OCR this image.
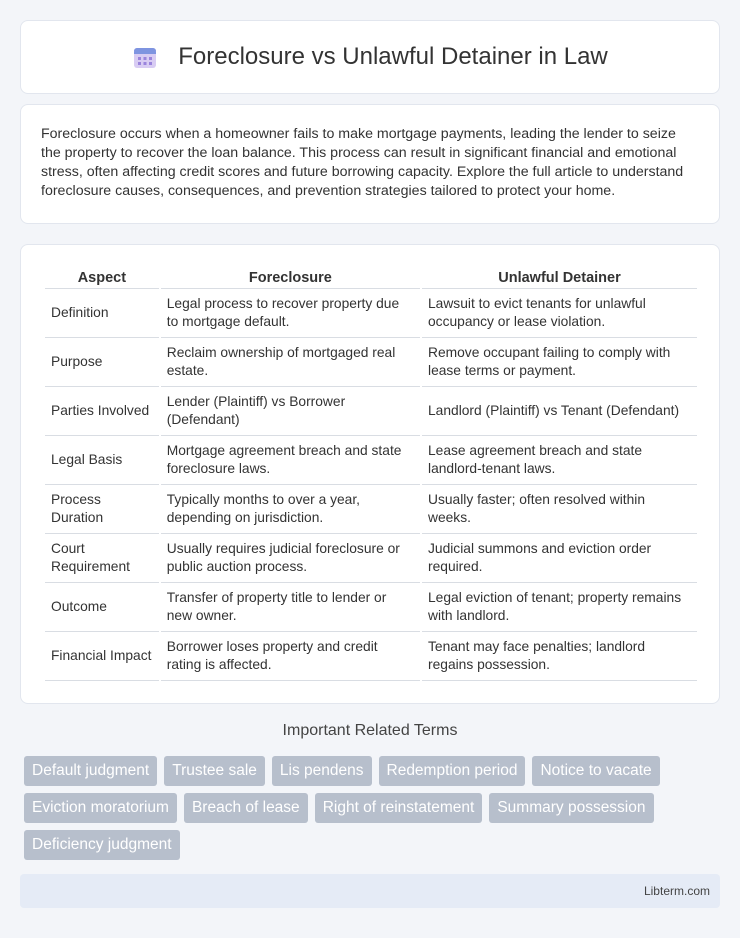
Foreclosure vs Unlawful Detainer in Law

Foreclosure occurs when a homeowner fails to make mortgage payments, leading the lender to seize the property to recover the loan balance. This process can result in significant financial and emotional stress, often affecting credit scores and future borrowing capacity. Explore the full article to understand foreclosure causes, consequences, and prevention strategies tailored to protect your home.

Aspect	Foreclosure	Unlawful Detainer
Definition	Legal process to recover property due to mortgage default.	Lawsuit to evict tenants for unlawful occupancy or lease violation.
Purpose	Reclaim ownership of mortgaged real estate.	Remove occupant failing to comply with lease terms or payment.
Parties Involved	Lender (Plaintiff) vs Borrower (Defendant)	Landlord (Plaintiff) vs Tenant (Defendant)
Legal Basis	Mortgage agreement breach and state foreclosure laws.	Lease agreement breach and state landlord-tenant laws.
Process Duration	Typically months to over a year, depending on jurisdiction.	Usually faster; often resolved within weeks.
Court Requirement	Usually requires judicial foreclosure or public auction process.	Judicial summons and eviction order required.
Outcome	Transfer of property title to lender or new owner.	Legal eviction of tenant; property remains with landlord.
Financial Impact	Borrower loses property and credit rating is affected.	Tenant may face penalties; landlord regains possession.
Important Related Terms
Default judgment	Trustee sale	Lis pendens	Redemption period	Notice to vacate
Eviction moratorium	Breach of lease	Right of reinstatement	Summary possession
Deficiency judgment
Libterm.com
